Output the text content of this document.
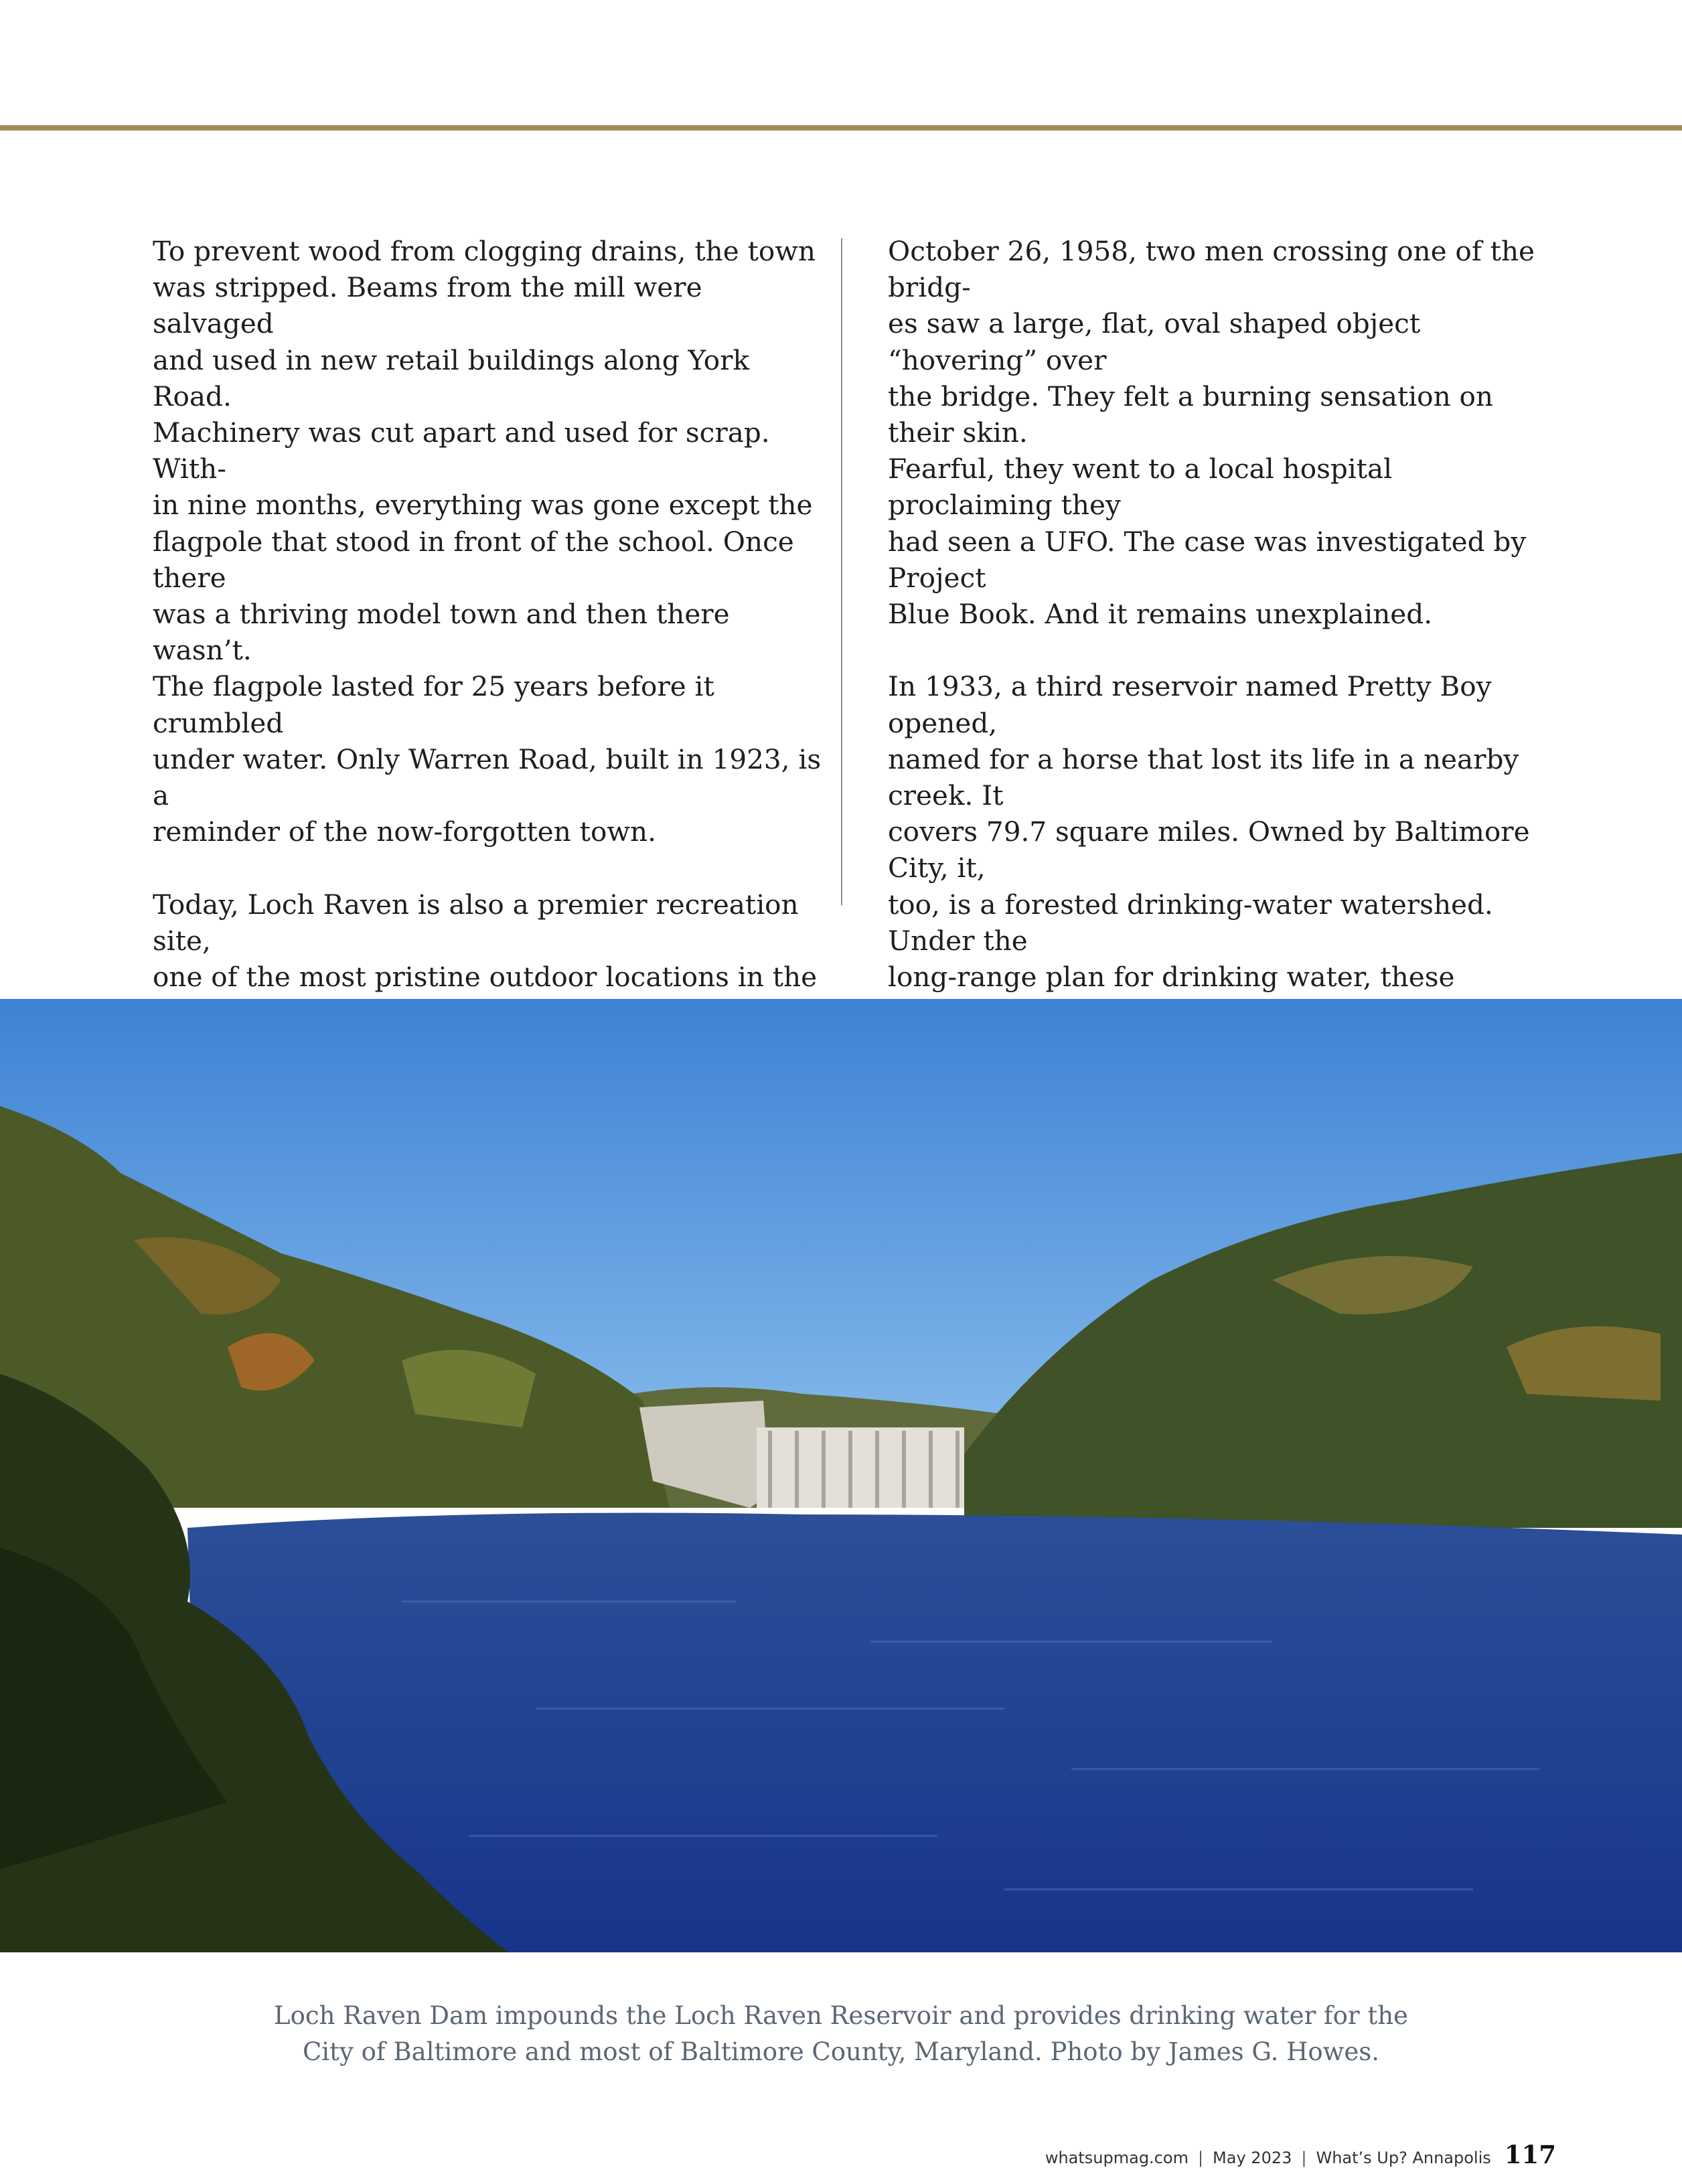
To prevent wood from clogging drains, the town
was stripped. Beams from the mill were salvaged
and used in new retail buildings along York Road.
Machinery was cut apart and used for scrap. With-
in nine months, everything was gone except the
flagpole that stood in front of the school. Once there
was a thriving model town and then there wasn’t.
The flagpole lasted for 25 years before it crumbled
under water. Only Warren Road, built in 1923, is a
reminder of the now-forgotten town.

Today, Loch Raven is also a premier recreation site,
one of the most pristine outdoor locations in the

October 26, 1958, two men crossing one of the bridg-
es saw a large, flat, oval shaped object “hovering” over
the bridge. They felt a burning sensation on their skin.
Fearful, they went to a local hospital proclaiming they
had seen a UFO. The case was investigated by Project
Blue Book. And it remains unexplained.

In 1933, a third reservoir named Pretty Boy opened,
named for a horse that lost its life in a nearby creek. It
covers 79.7 square miles. Owned by Baltimore City, it,
too, is a forested drinking-water watershed. Under the
long-range plan for drinking water, these

Loch Raven Dam impounds the Loch Raven Reservoir and provides drinking water for the
City of Baltimore and most of Baltimore County, Maryland. Photo by James G. Howes.
whatsupmag.com | May 2023 | What’s Up? Annapolis 117
